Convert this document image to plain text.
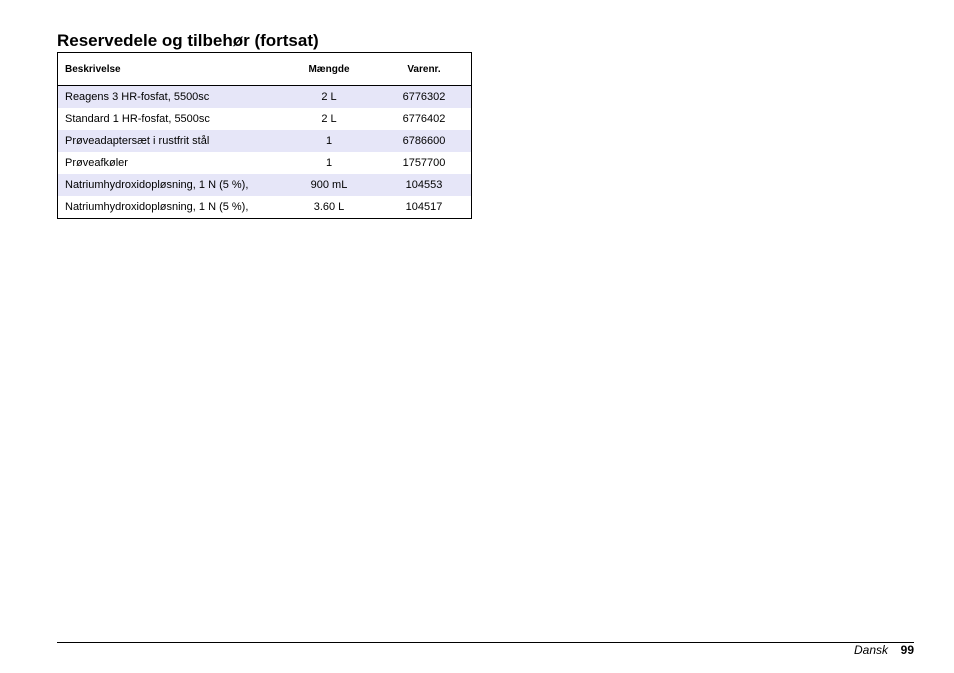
Reservedele og tilbehør (fortsat)
Beskrivelse	Mængde	Varenr.
Reagens 3 HR-fosfat, 5500sc	2 L	6776302
Standard 1 HR-fosfat, 5500sc	2 L	6776402
Prøveadaptersæt i rustfrit stål	1	6786600
Prøveafkøler	1	1757700
Natriumhydroxidopløsning, 1 N (5 %),	900 mL	104553
Natriumhydroxidopløsning, 1 N (5 %),	3.60 L	104517
Dansk 99
